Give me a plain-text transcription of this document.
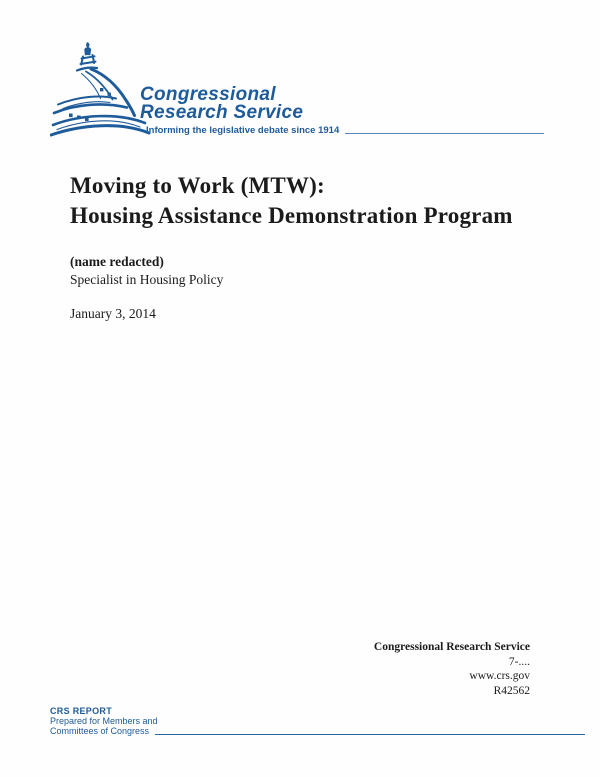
Congressional
Research Service
Informing the legislative debate since 1914
Moving to Work (MTW):
Housing Assistance Demonstration Program
(name redacted)
Specialist in Housing Policy
January 3, 2014
Congressional Research Service
7-....
www.crs.gov
R42562
CRS REPORT
Prepared for Members and
Committees of Congress
